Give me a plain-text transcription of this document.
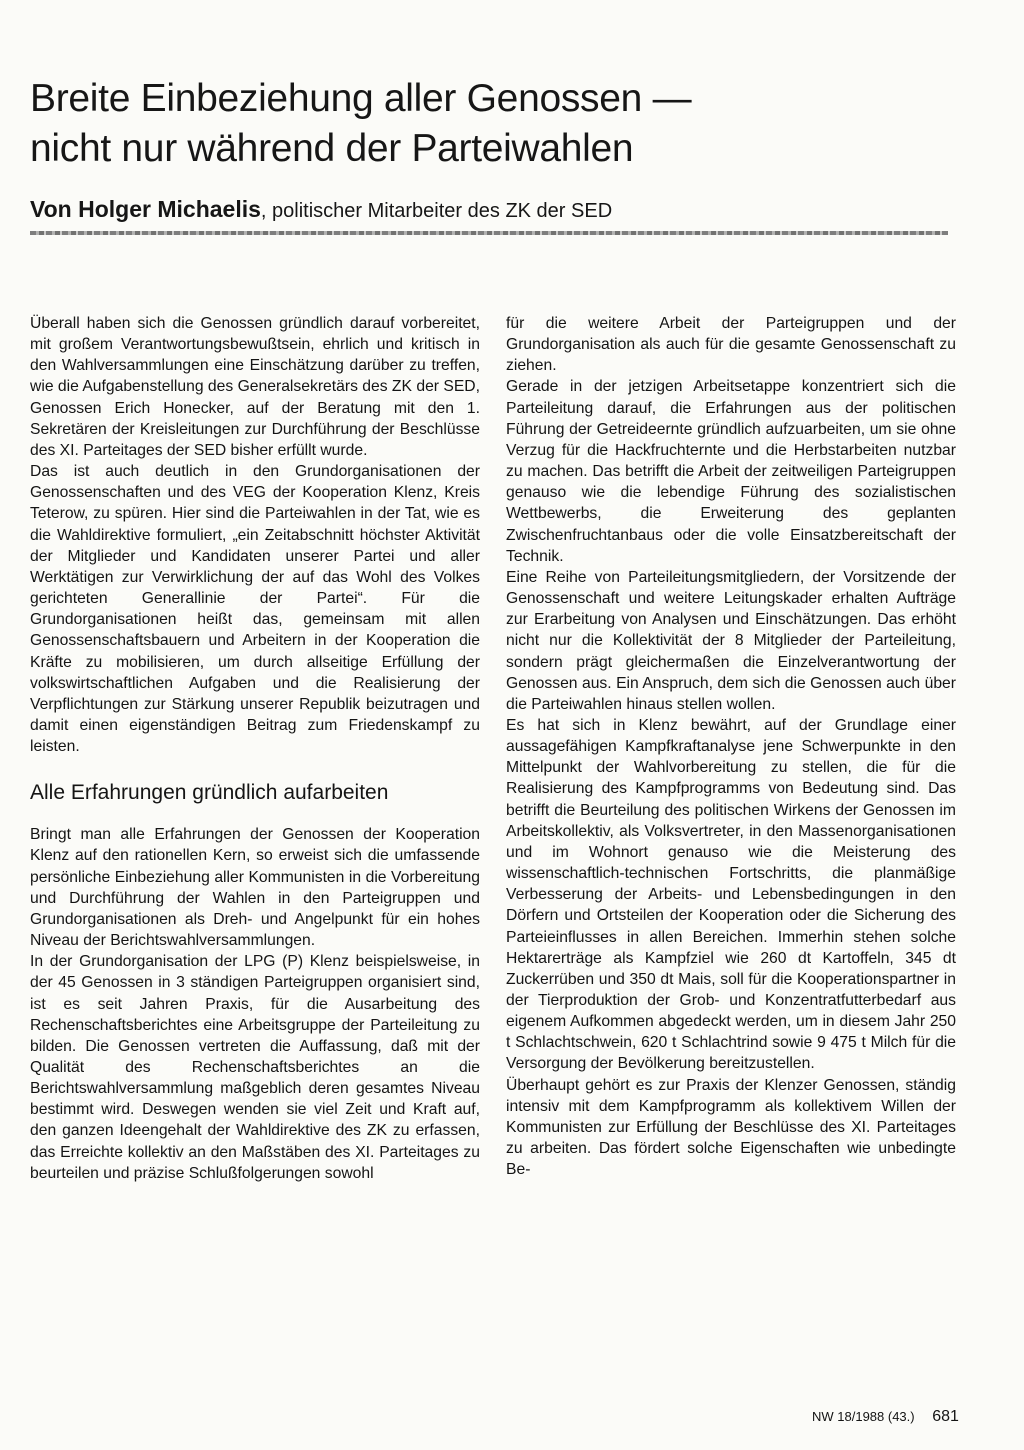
Breite Einbeziehung aller Genossen —
nicht nur während der Parteiwahlen
Von Holger Michaelis, politischer Mitarbeiter des ZK der SED

Überall haben sich die Genossen gründlich darauf vorbereitet, mit großem Verantwortungsbewußtsein, ehrlich und kritisch in den Wahlversammlungen eine Einschätzung darüber zu treffen, wie die Aufgabenstellung des Generalsekretärs des ZK der SED, Genossen Erich Honecker, auf der Beratung mit den 1. Sekretären der Kreisleitungen zur Durchführung der Beschlüsse des XI. Parteitages der SED bisher erfüllt wurde.

Das ist auch deutlich in den Grundorganisationen der Genossenschaften und des VEG der Kooperation Klenz, Kreis Teterow, zu spüren. Hier sind die Parteiwahlen in der Tat, wie es die Wahldirektive formuliert, „ein Zeitabschnitt höchster Aktivität der Mitglieder und Kandidaten unserer Partei und aller Werktätigen zur Verwirklichung der auf das Wohl des Volkes gerichteten Generallinie der Partei“. Für die Grundorganisationen heißt das, gemeinsam mit allen Genossenschaftsbauern und Arbeitern in der Kooperation die Kräfte zu mobilisieren, um durch allseitige Erfüllung der volkswirtschaftlichen Aufgaben und die Realisierung der Verpflichtungen zur Stärkung unserer Republik beizutragen und damit einen eigenständigen Beitrag zum Friedenskampf zu leisten.

Alle Erfahrungen gründlich aufarbeiten

Bringt man alle Erfahrungen der Genossen der Kooperation Klenz auf den rationellen Kern, so erweist sich die umfassende persönliche Einbeziehung aller Kommunisten in die Vorbereitung und Durchführung der Wahlen in den Parteigruppen und Grundorganisationen als Dreh- und Angelpunkt für ein hohes Niveau der Berichtswahlversammlungen.

In der Grundorganisation der LPG (P) Klenz beispielsweise, in der 45 Genossen in 3 ständigen Parteigruppen organisiert sind, ist es seit Jahren Praxis, für die Ausarbeitung des Rechenschaftsberichtes eine Arbeitsgruppe der Parteileitung zu bilden. Die Genossen vertreten die Auffassung, daß mit der Qualität des Rechenschaftsberichtes an die Berichtswahlversammlung maßgeblich deren gesamtes Niveau bestimmt wird. Deswegen wenden sie viel Zeit und Kraft auf, den ganzen Ideengehalt der Wahldirektive des ZK zu erfassen, das Erreichte kollektiv an den Maßstäben des XI. Parteitages zu beurteilen und präzise Schlußfolgerungen sowohl

für die weitere Arbeit der Parteigruppen und der Grundorganisation als auch für die gesamte Genossenschaft zu ziehen.

Gerade in der jetzigen Arbeitsetappe konzentriert sich die Parteileitung darauf, die Erfahrungen aus der politischen Führung der Getreideernte gründlich aufzuarbeiten, um sie ohne Verzug für die Hackfruchternte und die Herbstarbeiten nutzbar zu machen. Das betrifft die Arbeit der zeitweiligen Parteigruppen genauso wie die lebendige Führung des sozialistischen Wettbewerbs, die Erweiterung des geplanten Zwischenfruchtanbaus oder die volle Einsatzbereitschaft der Technik.

Eine Reihe von Parteileitungsmitgliedern, der Vorsitzende der Genossenschaft und weitere Leitungskader erhalten Aufträge zur Erarbeitung von Analysen und Einschätzungen. Das erhöht nicht nur die Kollektivität der 8 Mitglieder der Parteileitung, sondern prägt gleichermaßen die Einzelverantwortung der Genossen aus. Ein Anspruch, dem sich die Genossen auch über die Parteiwahlen hinaus stellen wollen.

Es hat sich in Klenz bewährt, auf der Grundlage einer aussagefähigen Kampfkraftanalyse jene Schwerpunkte in den Mittelpunkt der Wahlvorbereitung zu stellen, die für die Realisierung des Kampfprogramms von Bedeutung sind. Das betrifft die Beurteilung des politischen Wirkens der Genossen im Arbeitskollektiv, als Volksvertreter, in den Massenorganisationen und im Wohnort genauso wie die Meisterung des wissenschaftlich-technischen Fortschritts, die planmäßige Verbesserung der Arbeits- und Lebensbedingungen in den Dörfern und Ortsteilen der Kooperation oder die Sicherung des Parteieinflusses in allen Bereichen. Immerhin stehen solche Hektarerträge als Kampfziel wie 260 dt Kartoffeln, 345 dt Zuckerrüben und 350 dt Mais, soll für die Kooperationspartner in der Tierproduktion der Grob- und Konzentratfutterbedarf aus eigenem Aufkommen abgedeckt werden, um in diesem Jahr 250 t Schlachtschwein, 620 t Schlachtrind sowie 9 475 t Milch für die Versorgung der Bevölkerung bereitzustellen.

Überhaupt gehört es zur Praxis der Klenzer Genossen, ständig intensiv mit dem Kampfprogramm als kollektivem Willen der Kommunisten zur Erfüllung der Beschlüsse des XI. Parteitages zu arbeiten. Das fördert solche Eigenschaften wie unbedingte Be-

NW 18/1988 (43.) 681
